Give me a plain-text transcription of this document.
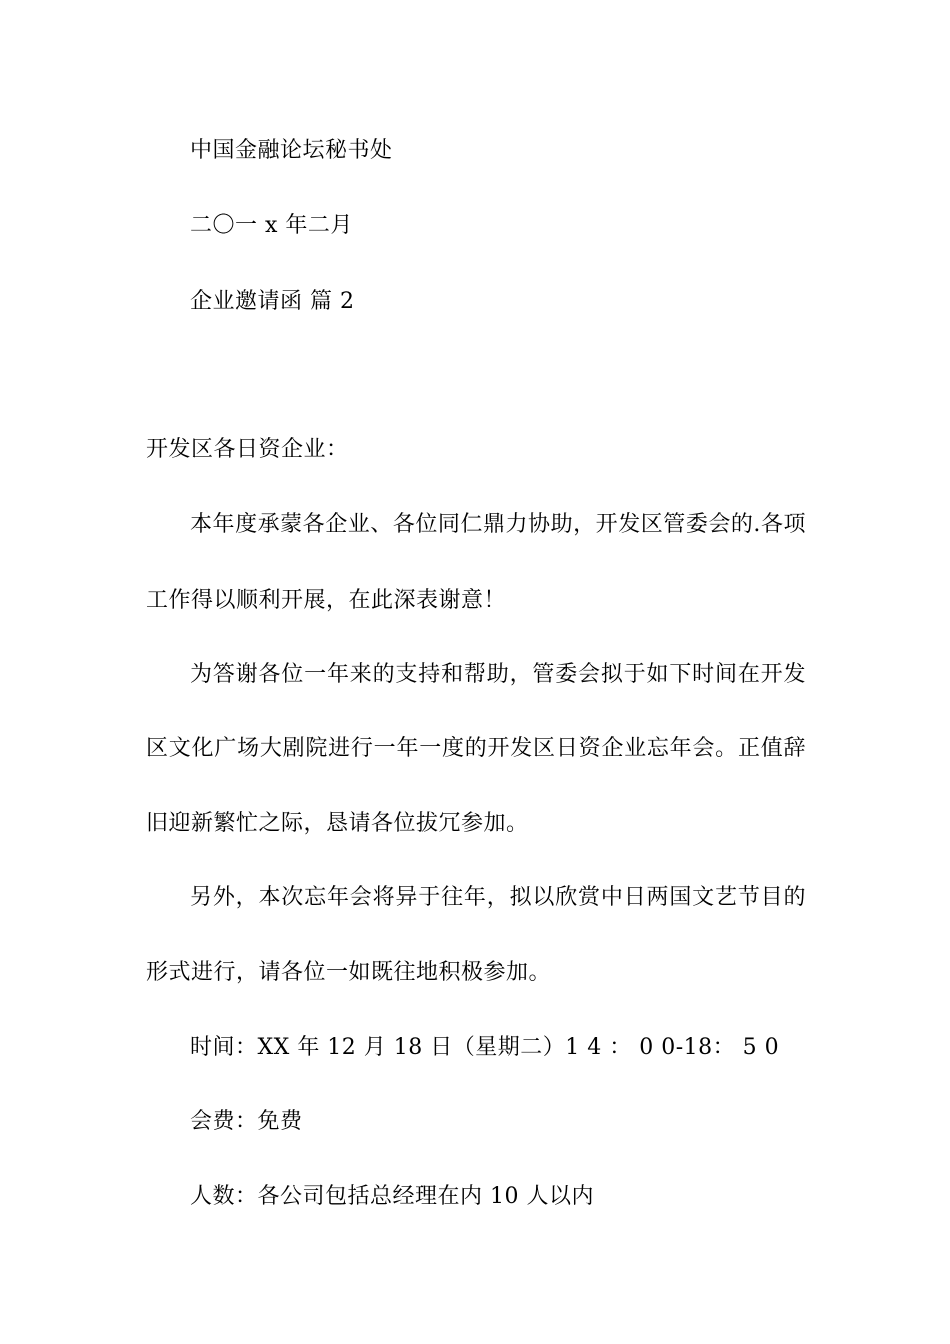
中国金融论坛秘书处
二〇一 x 年二月
企业邀请函 篇 2
开发区各日资企业：
本年度承蒙各企业、各位同仁鼎力协助，开发区管委会的.各项
工作得以顺利开展，在此深表谢意！
为答谢各位一年来的支持和帮助，管委会拟于如下时间在开发
区文化广场大剧院进行一年一度的开发区日资企业忘年会。正值辞
旧迎新繁忙之际，恳请各位拔冗参加。
另外，本次忘年会将异于往年，拟以欣赏中日两国文艺节目的
形式进行，请各位一如既往地积极参加。
时间：XX 年 12 月 18 日（星期二）1 4 ： 0 0-18： 5 0
会费：免费
人数：各公司包括总经理在内 10 人以内
